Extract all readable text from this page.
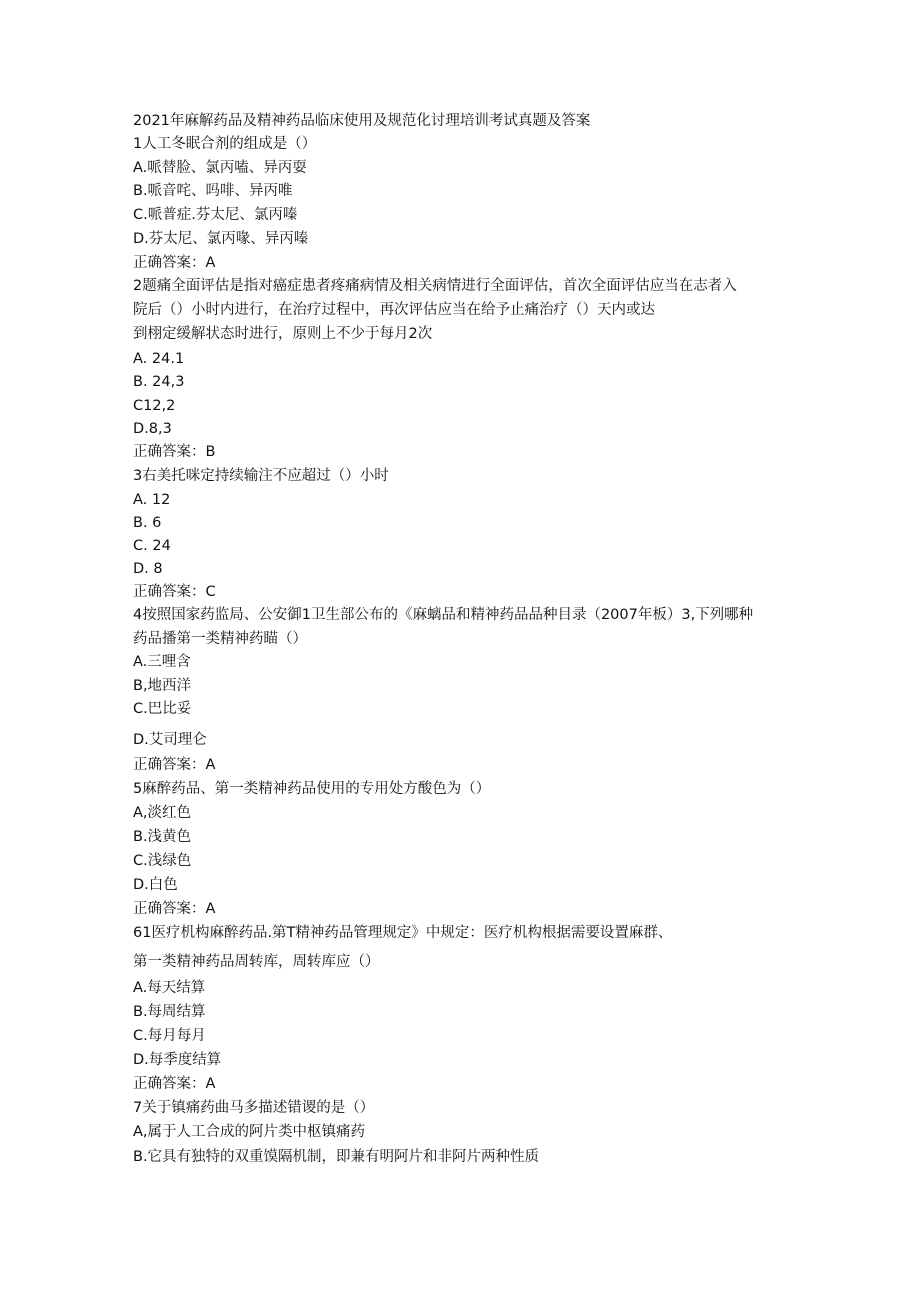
2021年麻解药品及精神药品临床使用及规范化讨理培训考试真题及答案
1人工冬眠合剂的组成是（）
A.哌替脸、氯丙嗑、异丙耍
B.哌音咤、吗啡、异丙唯
C.哌普症.芬太尼、氯丙嗪
D.芬太尼、氯丙喙、异丙嗪
正确答案：A
2题痛全面评估是指对癌症患者疼痛病情及相关病情进行全面评估，首次全面评估应当在志者入
院后（）小时内进行，在治疗过程中，再次评估应当在给予止痛治疗（）天内或达
到栩定缓解状态时进行，原则上不少于每月2次
A. 24.1
B. 24,3
C12,2
D.8,3
正确答案：B
3右美托咪定持续输注不应超过（）小时
A. 12
B. 6
C. 24
D. 8
正确答案：C
4按照国家药监局、公安御1卫生部公布的《麻螭品和精神药品品种目录（2007年板）3,下列哪种
药品播第一类精神药瞄（）
A.三哩含
B,地西洋
C.巴比妥
D.艾司理仑
正确答案：A
5麻醉药品、第一类精神药品使用的专用处方酸色为（）
A,淡红色
B.浅黄色
C.浅绿色
D.白色
正确答案：A
61医疗机构麻醉药品.第T精神药品管理规定》中规定：医疗机构根据需要设置麻群、
第一类精神药品周转库，周转库应（）
A.每天结算
B.每周结算
C.每月每月
D.每季度结算
正确答案：A
7关于镇痛药曲马多描述错谡的是（）
A,属于人工合成的阿片类中枢镇痛药
B.它具有独特的双重馍隔机制，即兼有明阿片和非阿片两种性质
